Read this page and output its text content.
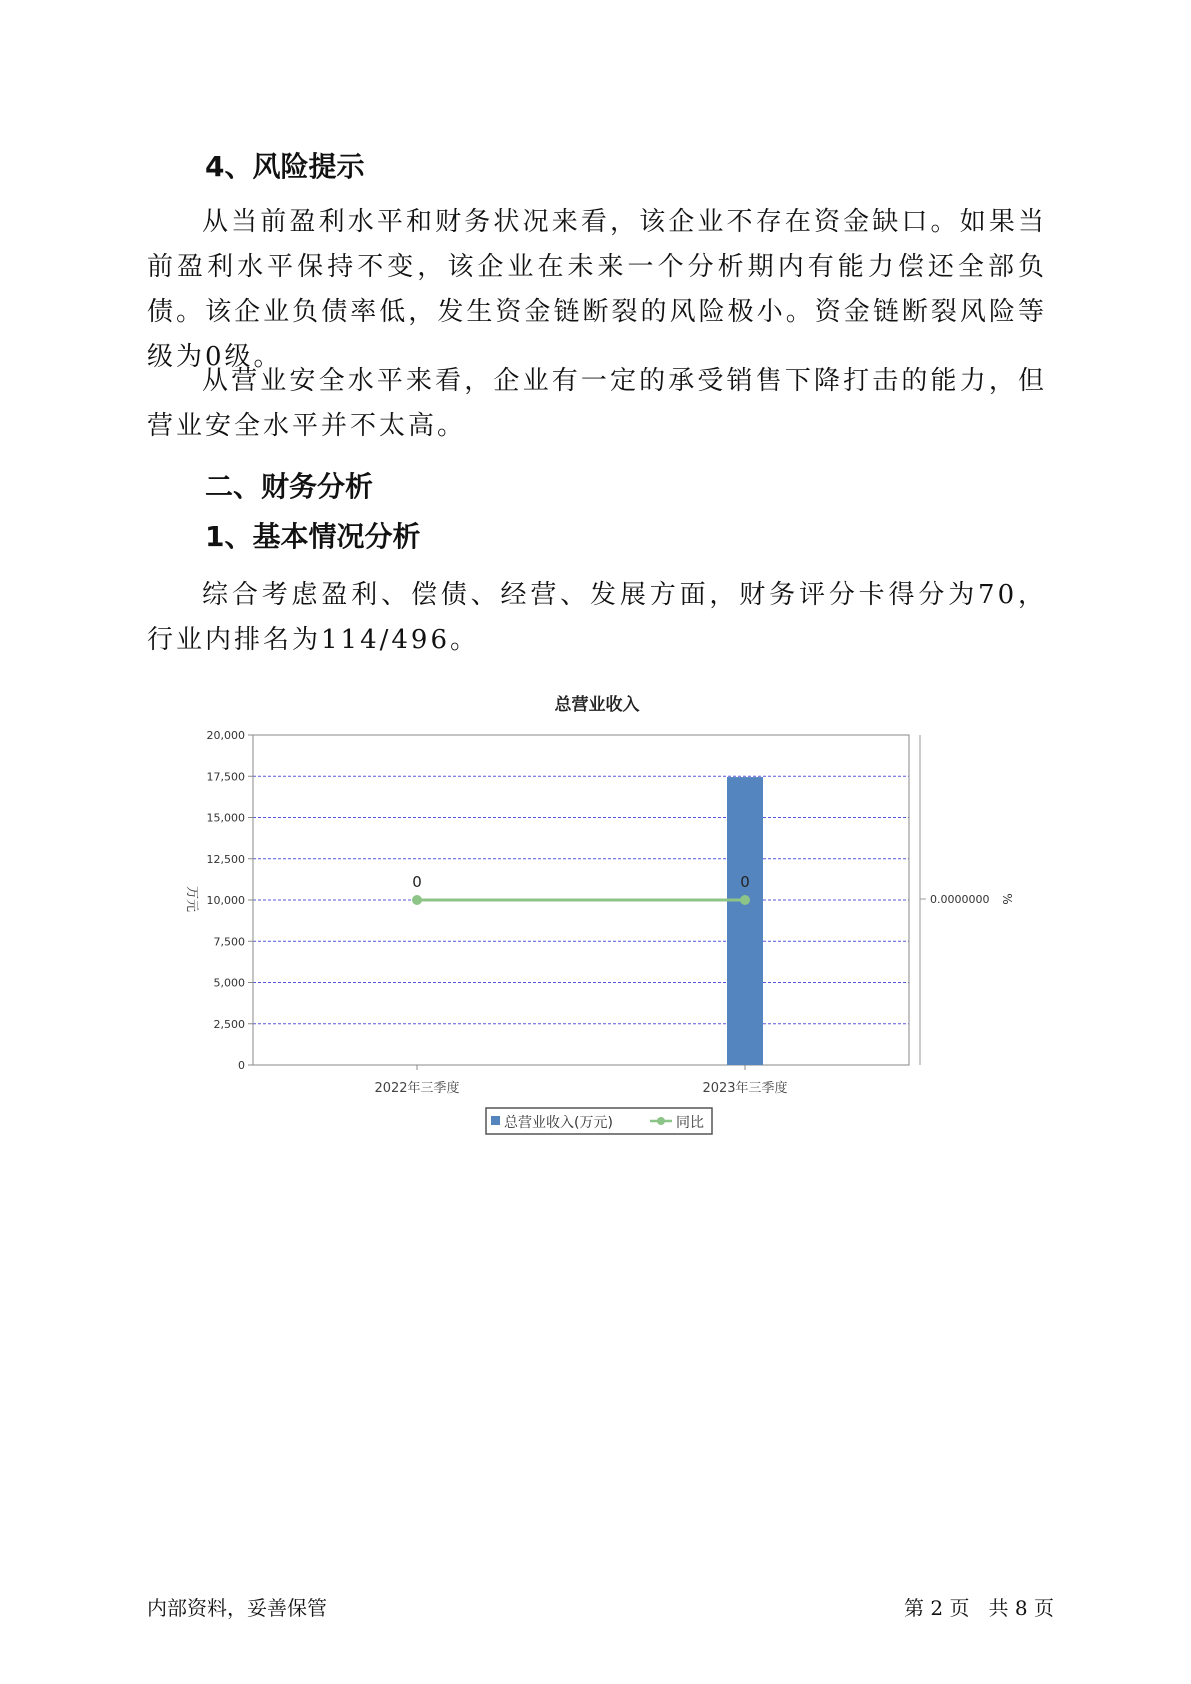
4、风险提示

从当前盈利水平和财务状况来看，该企业不存在资金缺口。如果当前盈利水平保持不变，该企业在未来一个分析期内有能力偿还全部负债。该企业负债率低，发生资金链断裂的风险极小。资金链断裂风险等级为0级。

从营业安全水平来看，企业有一定的承受销售下降打击的能力，但营业安全水平并不太高。

二、财务分析
1、基本情况分析

综合考虑盈利、偿债、经营、发展方面，财务评分卡得分为70，行业内排名为114/496。

总营业收入
0
2,500
5,000
7,500
10,000
12,500
15,000
17,500
20,000
0.0000000 %
万元
0	0
2022年三季度	2023年三季度
总营业收入(万元)	同比
内部资料，妥善保管	第 2 页   共 8 页
